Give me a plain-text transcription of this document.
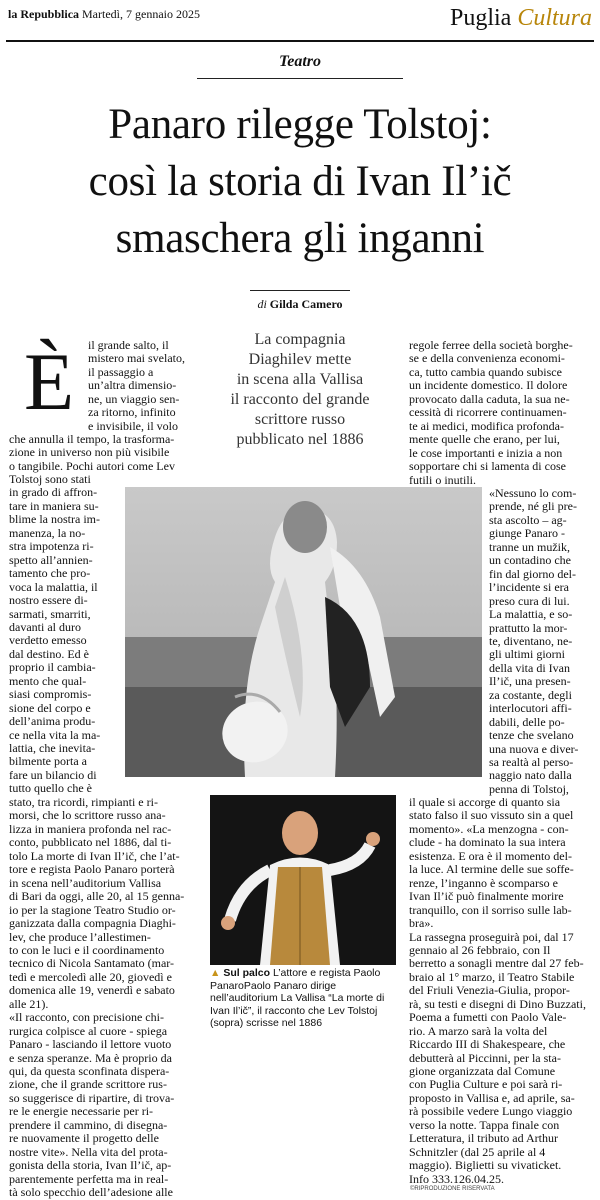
la Repubblica Martedì, 7 gennaio 2025	Puglia Cultura
Teatro
Panaro rilegge Tolstoj:
così la storia di Ivan Il’ič
smaschera gli inganni
di Gilda Camero
La compagnia
Diaghilev mette
in scena alla Vallisa
il racconto del grande
scrittore russo
pubblicato nel 1886
È il grande salto, il
mistero mai svelato,
il passaggio a
un’altra dimensio-
ne, un viaggio sen-
za ritorno, infinito
e invisibile, il volo
che annulla il tempo, la trasforma-
zione in universo non più visibile
o tangibile. Pochi autori come Lev
Tolstoj sono stati
in grado di affron-
tare in maniera su-
blime la nostra im-
manenza, la no-
stra impotenza ri-
spetto all’annien-
tamento che pro-
voca la malattia, il
nostro essere di-
sarmati, smarriti,
davanti al duro
verdetto emesso
dal destino. Ed è
proprio il cambia-
mento che qual-
siasi compromis-
sione del corpo e
dell’anima produ-
ce nella vita la ma-
lattia, che inevita-
bilmente porta a
fare un bilancio di
tutto quello che è
stato, tra ricordi, rimpianti e ri-
morsi, che lo scrittore russo ana-
lizza in maniera profonda nel rac-
conto, pubblicato nel 1886, dal ti-
tolo La morte di Ivan Il’ič, che l’at-
tore e regista Paolo Panaro porterà
in scena nell’auditorium Vallisa
di Bari da oggi, alle 20, al 15 genna-
io per la stagione Teatro Studio or-
ganizzata dalla compagnia Diaghi-
lev, che produce l’allestimen-
to con le luci e il coordinamento
tecnico di Nicola Santamato (mar-
tedì e mercoledì alle 20, giovedì e
domenica alle 19, venerdì e sabato
alle 21).
«Il racconto, con precisione chi-
rurgica colpisce al cuore - spiega
Panaro - lasciando il lettore vuoto
e senza speranze. Ma è proprio da
qui, da questa sconfinata dispera-
zione, che il grande scrittore rus-
so suggerisce di ripartire, di trova-
re le energie necessarie per ri-
prendere il cammino, di disegna-
re nuovamente il progetto delle
nostre vite». Nella vita del prota-
gonista della storia, Ivan Il’ič, ap-
parentemente perfetta ma in real-
tà solo specchio dell’adesione alle
regole ferree della società borghe-
se e della convenienza economi-
ca, tutto cambia quando subisce
un incidente domestico. Il dolore
provocato dalla caduta, la sua ne-
cessità di ricorrere continuamen-
te ai medici, modifica profonda-
mente quelle che erano, per lui,
le cose importanti e inizia a non
sopportare chi si lamenta di cose
futili o inutili.
«Nessuno lo com-
prende, né gli pre-
sta ascolto – ag-
giunge Panaro -
tranne un mužik,
un contadino che
fin dal giorno del-
l’incidente si era
preso cura di lui.
La malattia, e so-
prattutto la mor-
te, diventano, ne-
gli ultimi giorni
della vita di Ivan
Il’ič, una presen-
za costante, degli
interlocutori affi-
dabili, delle po-
tenze che svelano
una nuova e diver-
sa realtà al perso-
naggio nato dalla
penna di Tolstoj,
il quale si accorge di quanto sia
stato falso il suo vissuto sin a quel
momento». «La menzogna - con-
clude - ha dominato la sua intera
esistenza. E ora è il momento del-
la luce. Al termine delle sue soffe-
renze, l’inganno è scomparso e
Ivan Il’ič può finalmente morire
tranquillo, con il sorriso sulle lab-
bra».
La rassegna proseguirà poi, dal 17
gennaio al 26 febbraio, con Il
berretto a sonagli mentre dal 27 feb-
braio al 1° marzo, il Teatro Stabile
del Friuli Venezia-Giulia, propor-
rà, su testi e disegni di Dino Buzzati,
Poema a fumetti con Paolo Vale-
rio. A marzo sarà la volta del
Riccardo III di Shakespeare, che
debutterà al Piccinni, per la sta-
gione organizzata dal Comune
con Puglia Culture e poi sarà ri-
proposto in Vallisa e, ad aprile, sa-
rà possibile vedere Lungo viaggio
verso la notte. Tappa finale con
Letteratura, il tributo ad Arthur
Schnitzler (dal 25 aprile al 4
maggio). Biglietti su vivaticket.
Info 333.126.04.25.
▲ Sul palco L’attore e regista Paolo PanaroPaolo Panaro dirige nell’auditorium La Vallisa “La morte di Ivan Il’ič”, il racconto che Lev Tolstoj (sopra) scrisse nel 1886
©RIPRODUZIONE RISERVATA
